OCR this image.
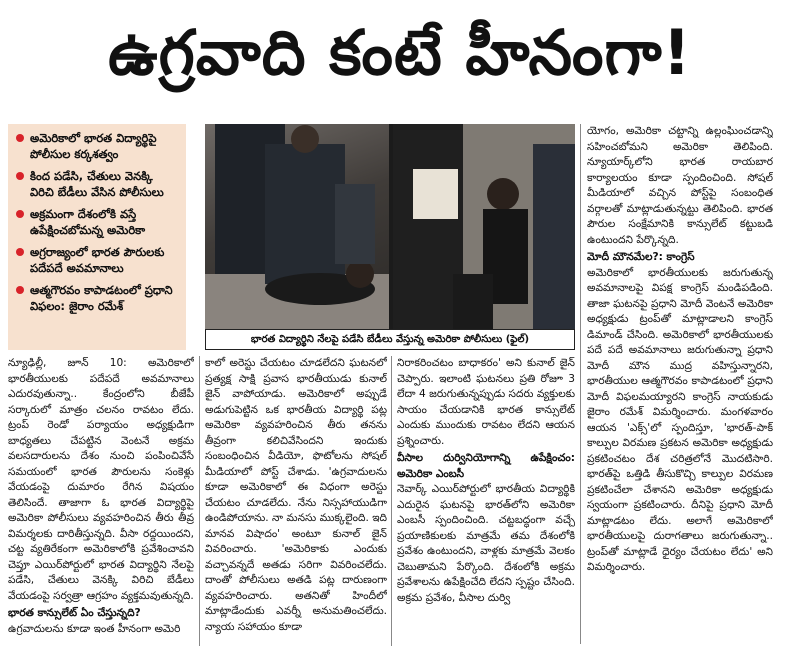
ఉగ్రవాది కంటే హీనంగా!
అమెరికాలో భారత విద్యార్థిపై పోలీసుల కర్కశత్వం
కింద పడేసి, చేతులు వెనక్కి విరిచి బేడీలు వేసిన పోలీసులు
అక్రమంగా దేశంలోకి వస్తే ఉపేక్షించబోమన్న అమెరికా
అగ్రరాజ్యంలో భారత పౌరులకు పదేపదే అవమానాలు
ఆత్మగౌరవం కాపాడటంలో ప్రధాని విఫలం: జైరాం రమేశ్
భారత విద్యార్థిని నేలపై పడేసి బేడీలు వేస్తున్న అమెరికా పోలీసులు (ఫైల్)

యోగం, అమెరికా చట్టాన్ని ఉల్లంఘించడాన్ని సహించబోమని అమెరికా తెలిపింది. న్యూయార్క్‌లోని భారత రాయబార కార్యాలయం కూడా స్పందించింది. సోషల్ మీడియాలో వచ్చిన పోస్ట్‌పై సంబంధిత వర్గాలతో మాట్లాడుతున్నట్టు తెలిపింది. భారత పౌరుల సంక్షేమానికి కాన్సులేట్ కట్టుబడి ఉంటుందని పేర్కొన్నది.

మోదీ మౌనమేల?: కాంగ్రెస్

అమెరికాలో భారతీయులకు జరుగుతున్న అవమానాలపై విపక్ష కాంగ్రెస్ మండిపడింది. తాజా ఘటనపై ప్రధాని మోదీ వెంటనే అమెరికా అధ్యక్షుడు ట్రంప్‌తో మాట్లాడాలని కాంగ్రెస్ డిమాండ్ చేసింది. అమెరికాలో భారతీయులకు పదే పదే అవమానాలు జరుగుతున్నా ప్రధాని మోదీ మౌన ముద్ర వహిస్తున్నారని, భారతీయుల ఆత్మగౌరవం కాపాడటంలో ప్రధాని మోదీ విఫలమయ్యారని కాంగ్రెస్ నాయకుడు జైరాం రమేశ్ విమర్శించారు. మంగళవారం ఆయన 'ఎక్స్'లో స్పందిస్తూ, 'భారత్-పాక్ కాల్పుల విరమణ ప్రకటన అమెరికా అధ్యక్షుడు ప్రకటించటం దేశ చరిత్రలోనే మొదటిసారి. భారత్‌పై ఒత్తిడి తీసుకొచ్చి కాల్పుల విరమణ ప్రకటించేలా చేశానని అమెరికా అధ్యక్షుడు స్వయంగా ప్రకటించారు. దీనిపై ప్రధాని మోదీ మాట్లాడటం లేదు. అలాగే అమెరికాలో భారతీయులపై దురాగతాలు జరుగుతున్నా.. ట్రంప్‌తో మాట్లాడే ధైర్యం చేయటం లేదు' అని విమర్శించారు.

న్యూఢిల్లీ, జూన్ 10: అమెరికాలో భారతీయులకు పదేపదే అవమానాలు ఎదురవుతున్నా.. కేంద్రంలోని బీజేపీ సర్కారులో మాత్రం చలనం రావటం లేదు. ట్రంప్ రెండో పర్యాయం అధ్యక్షుడిగా బాధ్యతలు చేపట్టిన వెంటనే అక్రమ వలసదారులను దేశం నుంచి పంపించివేసే సమయంలో భారత పౌరులను సంకెళ్లు వేయడంపై దుమారం రేగిన విషయం తెలిసిందే. తాజాగా ఓ భారత విద్యార్థిపై అమెరికా పోలీసులు వ్యవహరించిన తీరు తీవ్ర విమర్శలకు దారితీస్తున్నది. వీసా రద్దయిందని, చట్ట వ్యతిరేకంగా అమెరికాలోకి ప్రవేశించావని చెప్తూ ఎయిర్‌పోర్టులో భారత విద్యార్థిని నేలపై పడేసి, చేతులు వెనక్కి విరిచి బేడీలు వేయడంపై సర్వత్రా ఆగ్రహం వ్యక్తమవుతున్నది.

భారత కాన్సులేట్ ఏం చేస్తున్నది?

ఉగ్రవాదులను కూడా ఇంత హీనంగా అమెరి

కాలో అరెస్టు చేయటం చూడలేదని ఘటనలో ప్రత్యక్ష సాక్షి ప్రవాస భారతీయుడు కునాల్ జైన్ వాపోయాడు. అమెరికాలో అప్పుడే అడుగుపెట్టిన ఒక భారతీయ విద్యార్థి పట్ల అమెరికా వ్యవహరించిన తీరు తనను తీవ్రంగా కలిచివేసిందని ఇందుకు సంబంధించిన వీడియో, ఫొటోలను సోషల్ మీడియాలో పోస్ట్ చేశాడు. 'ఉగ్రవాదులను కూడా అమెరికాలో ఈ విధంగా అరెస్టు చేయటం చూడలేదు. నేను నిస్సహాయుడిగా ఉండిపోయాను. నా మనసు ముక్కలైంది. ఇది మానవ విషాదం' అంటూ కునాల్ జైన్ వివరించారు. 'అమెరికాకు ఎందుకు వచ్చావన్నదే అతడు సరిగా వివరించలేదు. దాంతో పోలీసులు అతడి పట్ల దారుణంగా వ్యవహరించారు. అతనితో హిందీలో మాట్లాడేందుకు ఎవర్నీ అనుమతించలేదు. న్యాయ సహాయం కూడా

నిరాకరించటం బాధాకరం' అని కునాల్ జైన్ చెప్పారు. ఇలాంటి ఘటనలు ప్రతి రోజూ 3 లేదా 4 జరుగుతున్నప్పుడు సదరు వ్యక్తులకు సాయం చేయడానికి భారత కాన్సులేట్ ఎందుకు ముందుకు రావటం లేదని ఆయన ప్రశ్నించారు.

వీసాల దుర్వినియోగాన్ని ఉపేక్షించం: అమెరికా ఎంబసీ

నెవార్క్ ఎయిర్‌పోర్టులో భారతీయ విద్యార్థికి ఎదురైన ఘటనపై భారత్‌లోని అమెరికా ఎంబసీ స్పందించింది. చట్టబద్ధంగా వచ్చే ప్రయాణికులకు మాత్రమే తమ దేశంలోకి ప్రవేశం ఉంటుందని, వాళ్లకు మాత్రమే వెలకం చెబుతామని పేర్కొంది. దేశంలోకి అక్రమ ప్రవేశాలను ఉపేక్షించేది లేదని స్పష్టం చేసింది. అక్రమ ప్రవేశం, వీసాల దుర్వి
